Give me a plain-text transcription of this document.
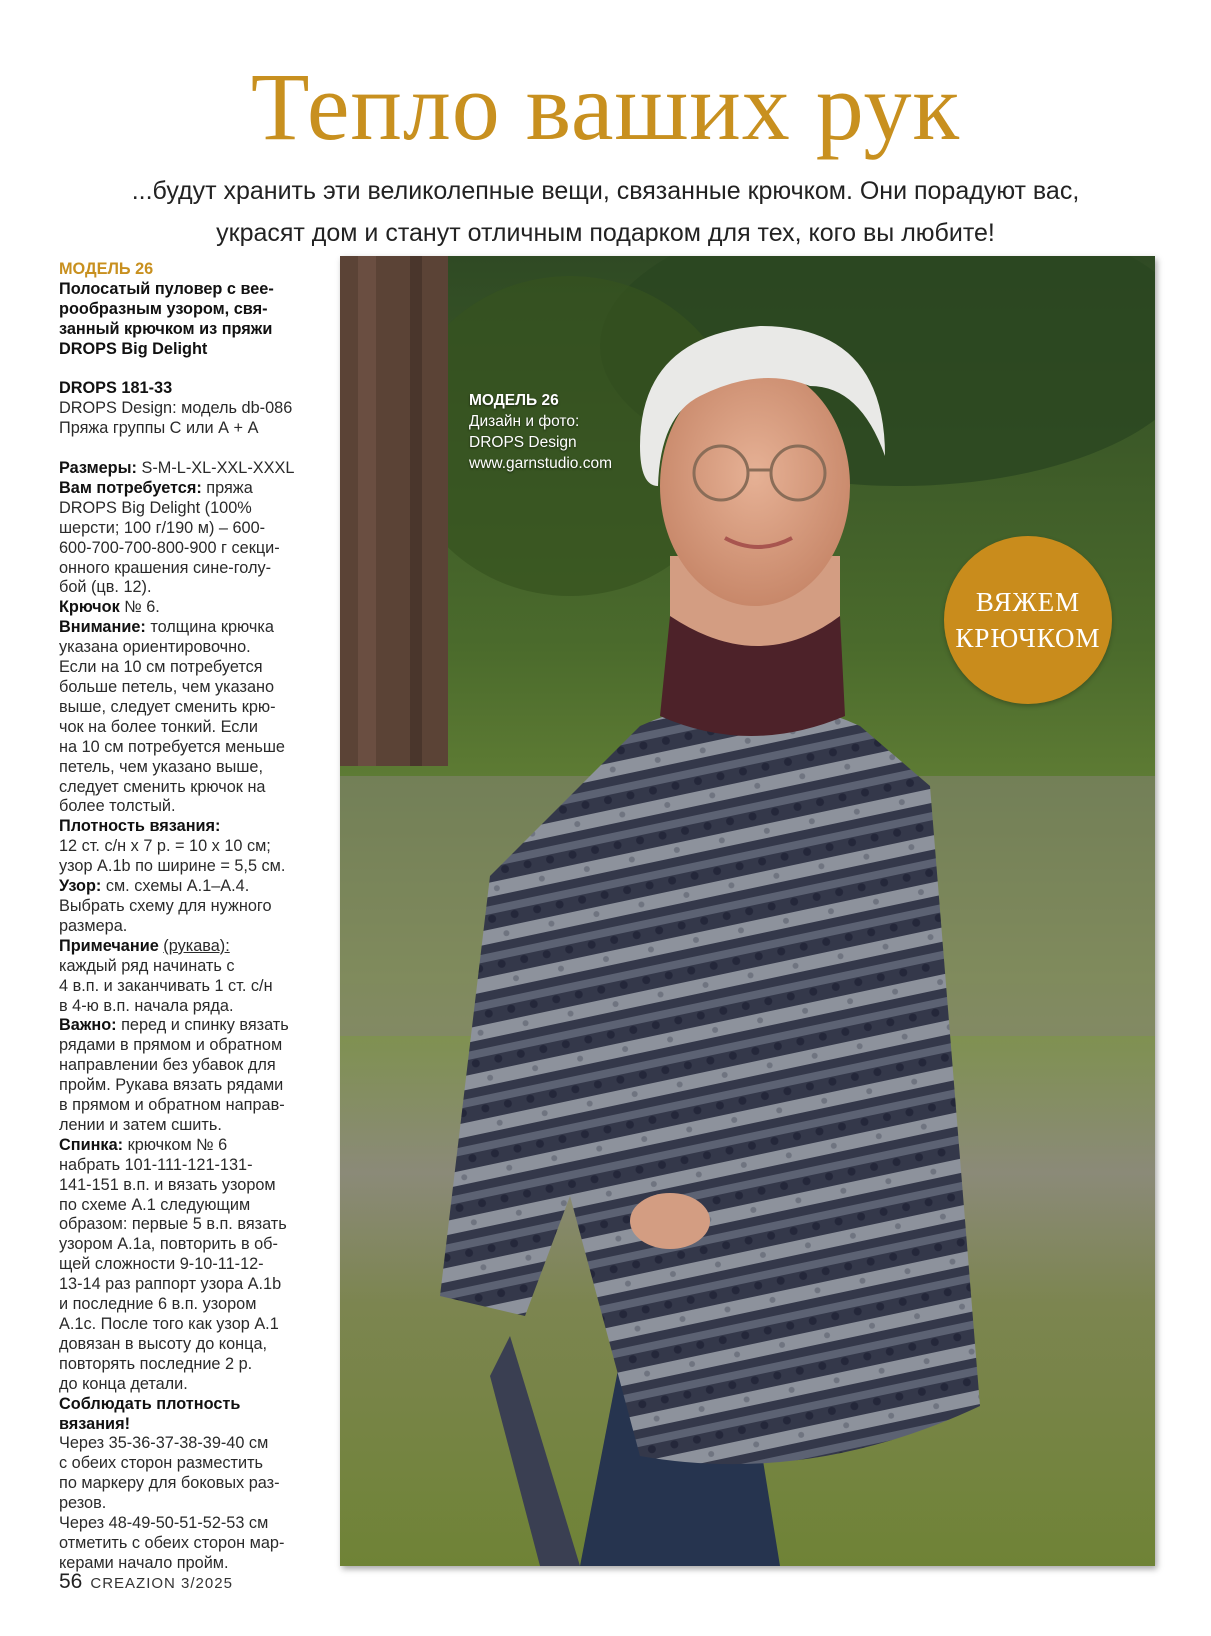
Тепло ваших рук
...будут хранить эти великолепные вещи, связанные крючком. Они порадуют вас,
украсят дом и станут отличным подарком для тех, кого вы любите!
МОДЕЛЬ 26
Полосатый пуловер с вее-
рообразным узором, свя-
занный крючком из пряжи
DROPS Big Delight
DROPS 181-33
DROPS Design: модель db-086
Пряжа группы С или А + А
Размеры: S-M-L-XL-XXL-XXXL
Вам потребуется: пряжа
DROPS Big Delight (100%
шерсти; 100 г/190 м) – 600-
600-700-700-800-900 г секци-
онного крашения сине-голу-
бой (цв. 12).
Крючок № 6.
Внимание: толщина крючка
указана ориентировочно.
Если на 10 см потребуется
больше петель, чем указано
выше, следует сменить крю-
чок на более тонкий. Если
на 10 см потребуется меньше
петель, чем указано выше,
следует сменить крючок на
более толстый.
Плотность вязания:
12 ст. с/н х 7 р. = 10 х 10 см;
узор А.1b по ширине = 5,5 см.
Узор: см. схемы А.1–А.4.
Выбрать схему для нужного
размера.
Примечание (рукава):
каждый ряд начинать с
4 в.п. и заканчивать 1 ст. с/н
в 4-ю в.п. начала ряда.
Важно: перед и спинку вязать
рядами в прямом и обратном
направлении без убавок для
пройм. Рукава вязать рядами
в прямом и обратном направ-
лении и затем сшить.
Спинка: крючком № 6
набрать 101-111-121-131-
141-151 в.п. и вязать узором
по схеме А.1 следующим
образом: первые 5 в.п. вязать
узором А.1а, повторить в об-
щей сложности 9-10-11-12-
13-14 раз раппорт узора А.1b
и последние 6 в.п. узором
А.1с. После того как узор А.1
довязан в высоту до конца,
повторять последние 2 р.
до конца детали.
Соблюдать плотность
вязания!
Через 35-36-37-38-39-40 см
с обеих сторон разместить
по маркеру для боковых раз-
резов.
Через 48-49-50-51-52-53 см
отметить с обеих сторон мар-
керами начало пройм.
МОДЕЛЬ 26
Дизайн и фото:
DROPS Design
www.garnstudio.com
ВЯЖЕМ
КРЮЧКОМ
56 CREAZION 3/2025
